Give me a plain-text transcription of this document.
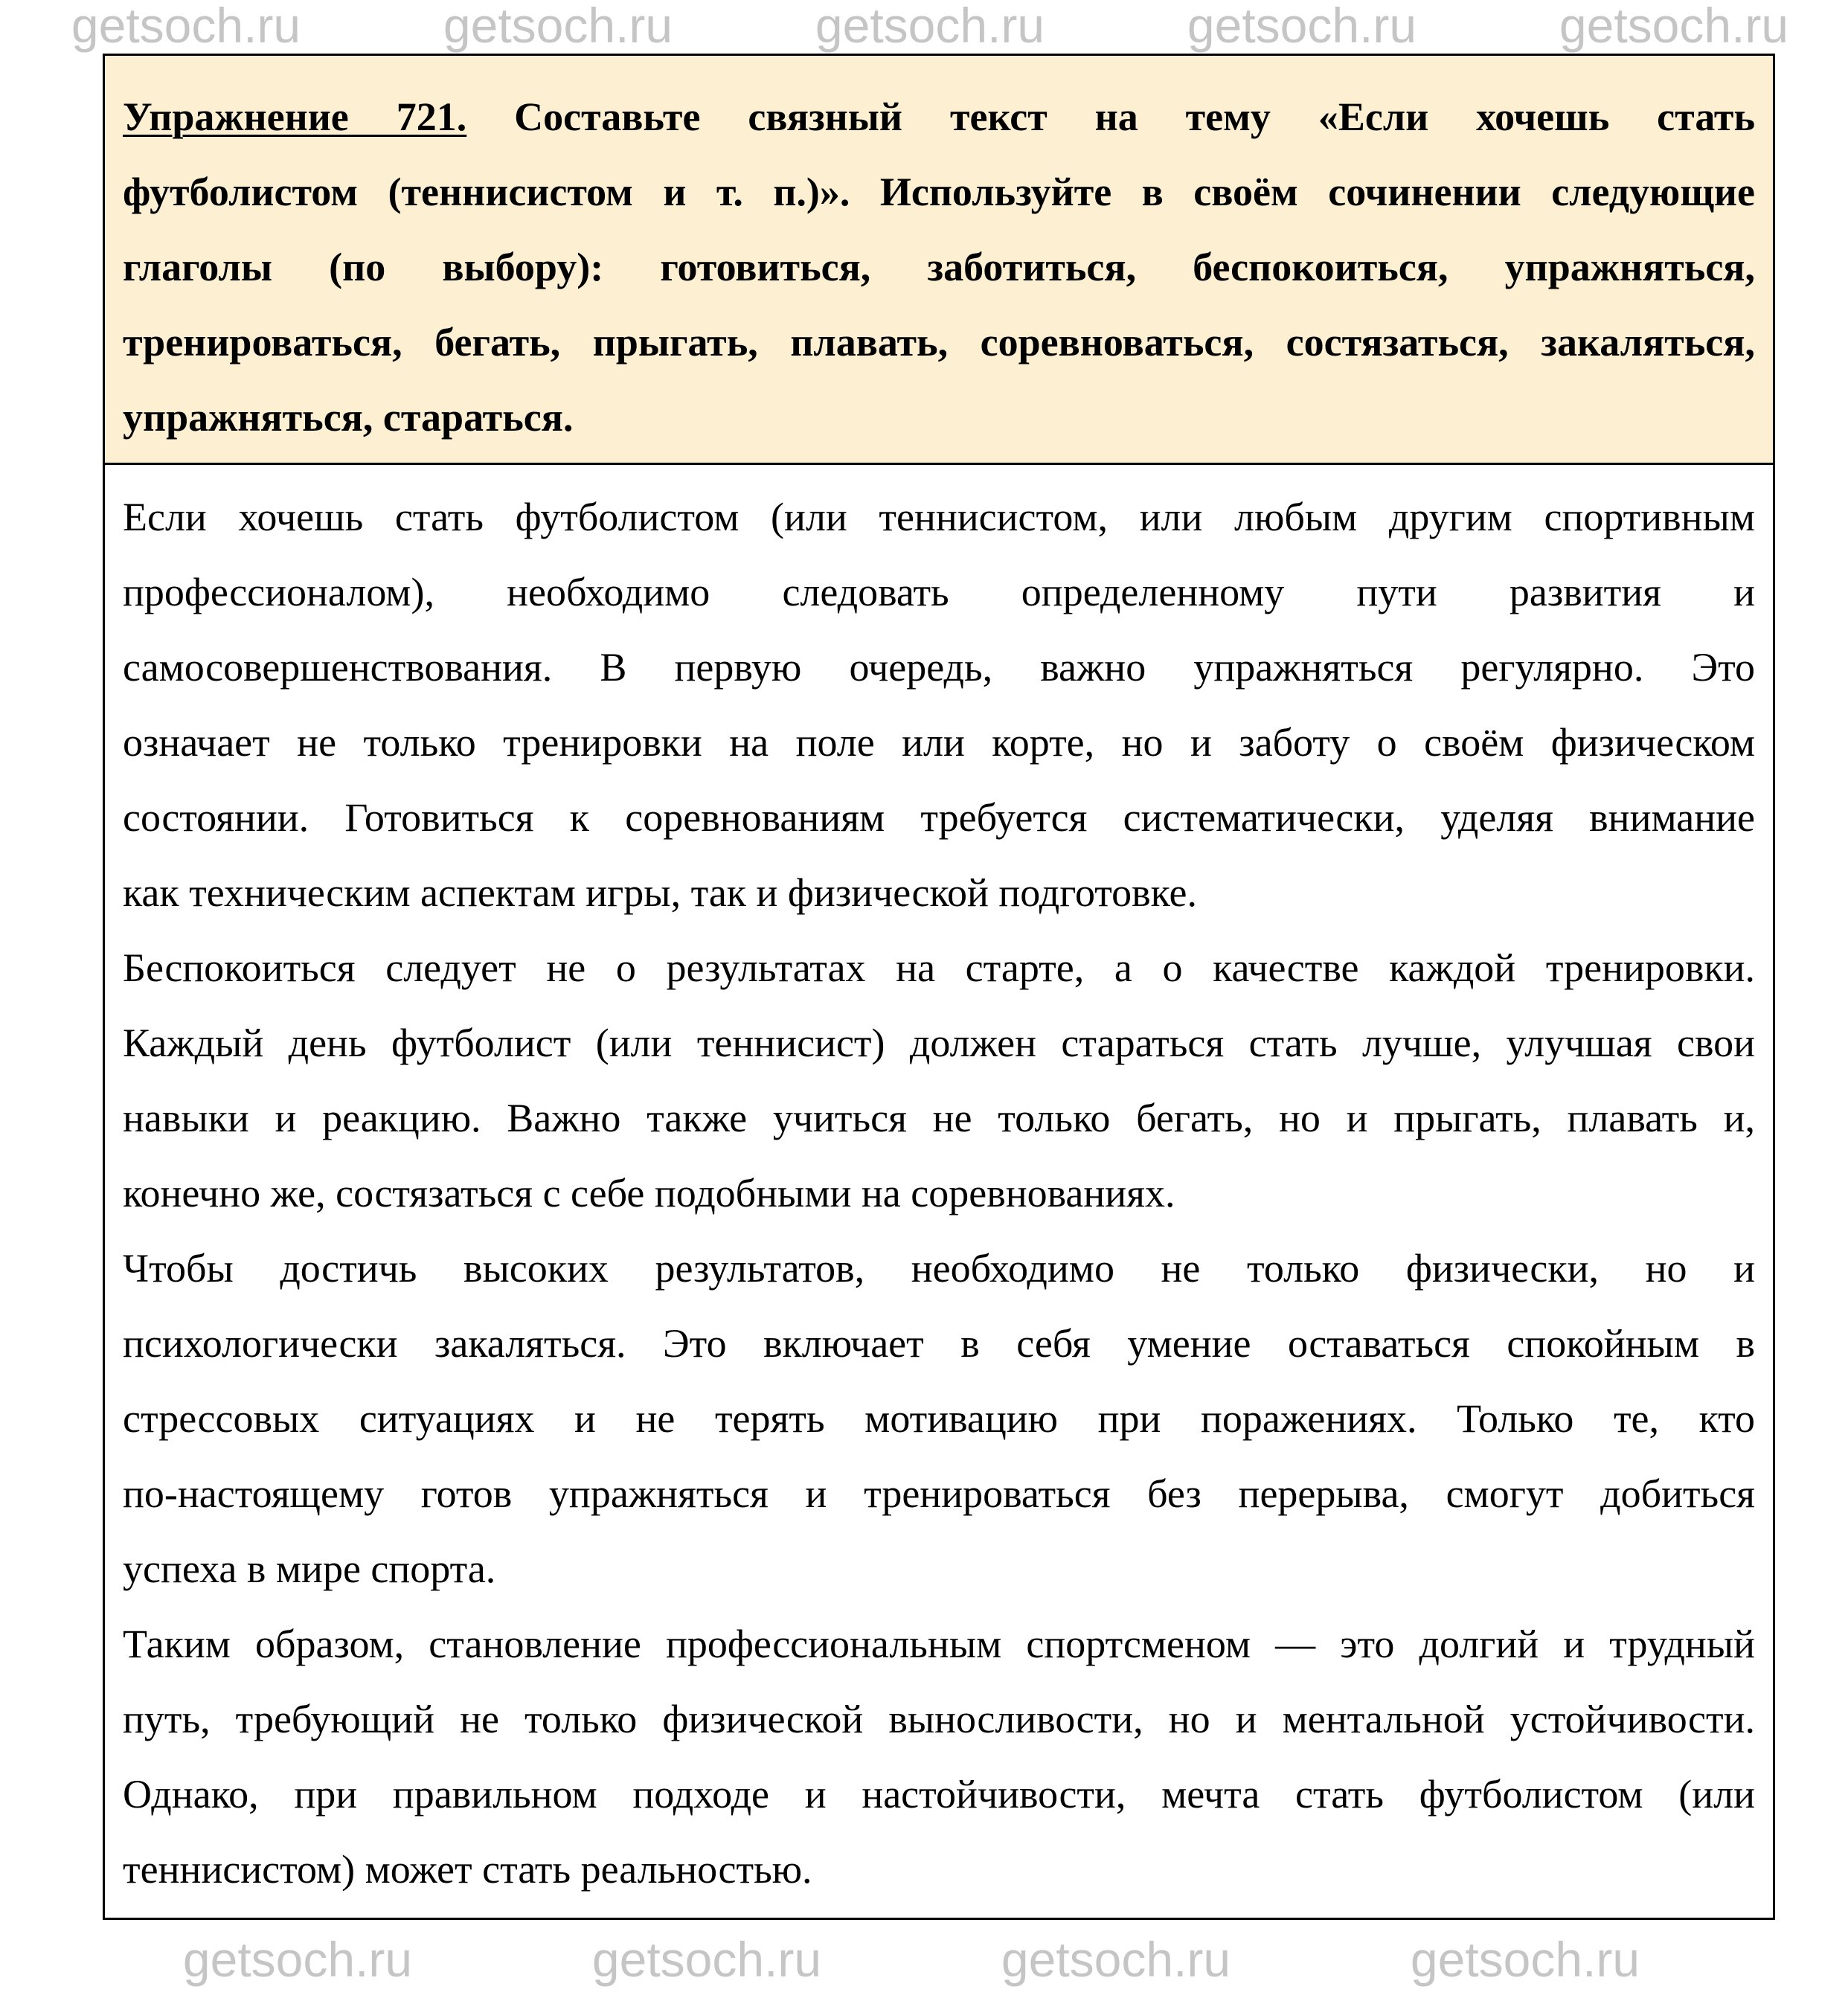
Упражнение 721. Составьте связный текст на тему «Если хочешь стать
футболистом (теннисистом и т. п.)». Используйте в своём сочинении следующие
глаголы (по выбору): готовиться, заботиться, беспокоиться, упражняться,
тренироваться, бегать, прыгать, плавать, соревноваться, состязаться, закаляться,
упражняться, стараться.
Если хочешь стать футболистом (или теннисистом, или любым другим спортивным
профессионалом), необходимо следовать определенному пути развития и
самосовершенствования. В первую очередь, важно упражняться регулярно. Это
означает не только тренировки на поле или корте, но и заботу о своём физическом
состоянии. Готовиться к соревнованиям требуется систематически, уделяя внимание
как техническим аспектам игры, так и физической подготовке.
Беспокоиться следует не о результатах на старте, а о качестве каждой тренировки.
Каждый день футболист (или теннисист) должен стараться стать лучше, улучшая свои
навыки и реакцию. Важно также учиться не только бегать, но и прыгать, плавать и,
конечно же, состязаться с себе подобными на соревнованиях.
Чтобы достичь высоких результатов, необходимо не только физически, но и
психологически закаляться. Это включает в себя умение оставаться спокойным в
стрессовых ситуациях и не терять мотивацию при поражениях. Только те, кто
по-настоящему готов упражняться и тренироваться без перерыва, смогут добиться
успеха в мире спорта.
Таким образом, становление профессиональным спортсменом — это долгий и трудный
путь, требующий не только физической выносливости, но и ментальной устойчивости.
Однако, при правильном подходе и настойчивости, мечта стать футболистом (или
теннисистом) может стать реальностью.
getsoch.ru	getsoch.ru	getsoch.ru	getsoch.ru	getsoch.ru
getsoch.ru	getsoch.ru	getsoch.ru	getsoch.ru
